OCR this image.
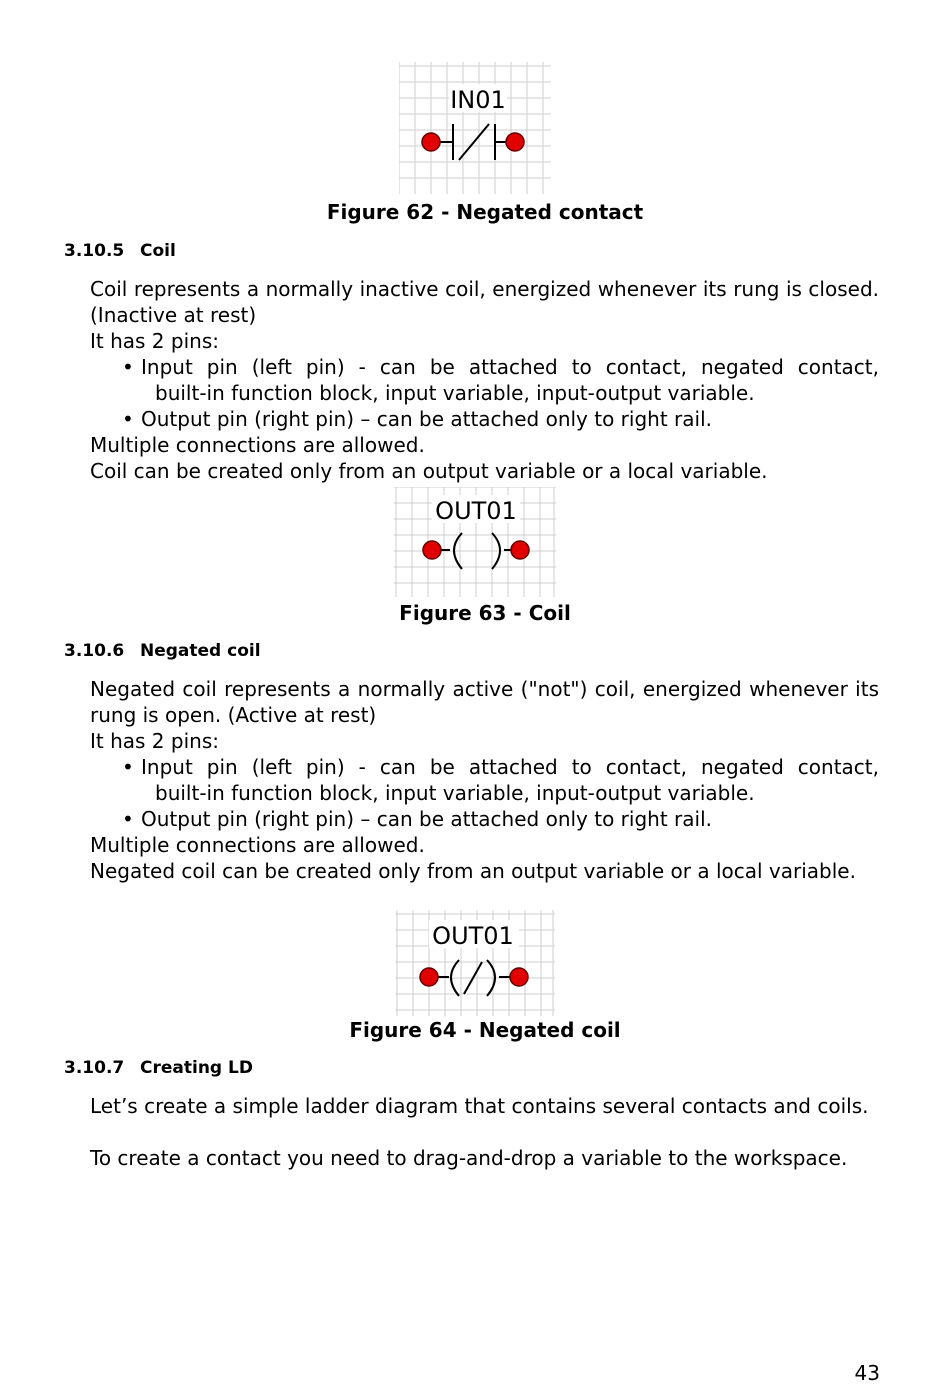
IN01
Figure 62 - Negated contact
3.10.5 Coil

Coil represents a normally inactive coil, energized whenever its rung is closed. (Inactive at rest)

It has 2 pins:
• Input pin (left pin) - can be attached to contact, negated contact,
built-in function block, input variable, input-output variable.
• Output pin (right pin) – can be attached only to right rail.
Multiple connections are allowed.
Coil can be created only from an output variable or a local variable.
OUT01
Figure 63 - Coil
3.10.6 Negated coil

Negated coil represents a normally active ("not") coil, energized whenever its rung is open. (Active at rest)

It has 2 pins:
• Input pin (left pin) - can be attached to contact, negated contact,
built-in function block, input variable, input-output variable.
• Output pin (right pin) – can be attached only to right rail.
Multiple connections are allowed.

Negated coil can be created only from an output variable or a local variable.

OUT01
Figure 64 - Negated coil
3.10.7 Creating LD

Let’s create a simple ladder diagram that contains several contacts and coils.

To create a contact you need to drag-and-drop a variable to the workspace.

43
